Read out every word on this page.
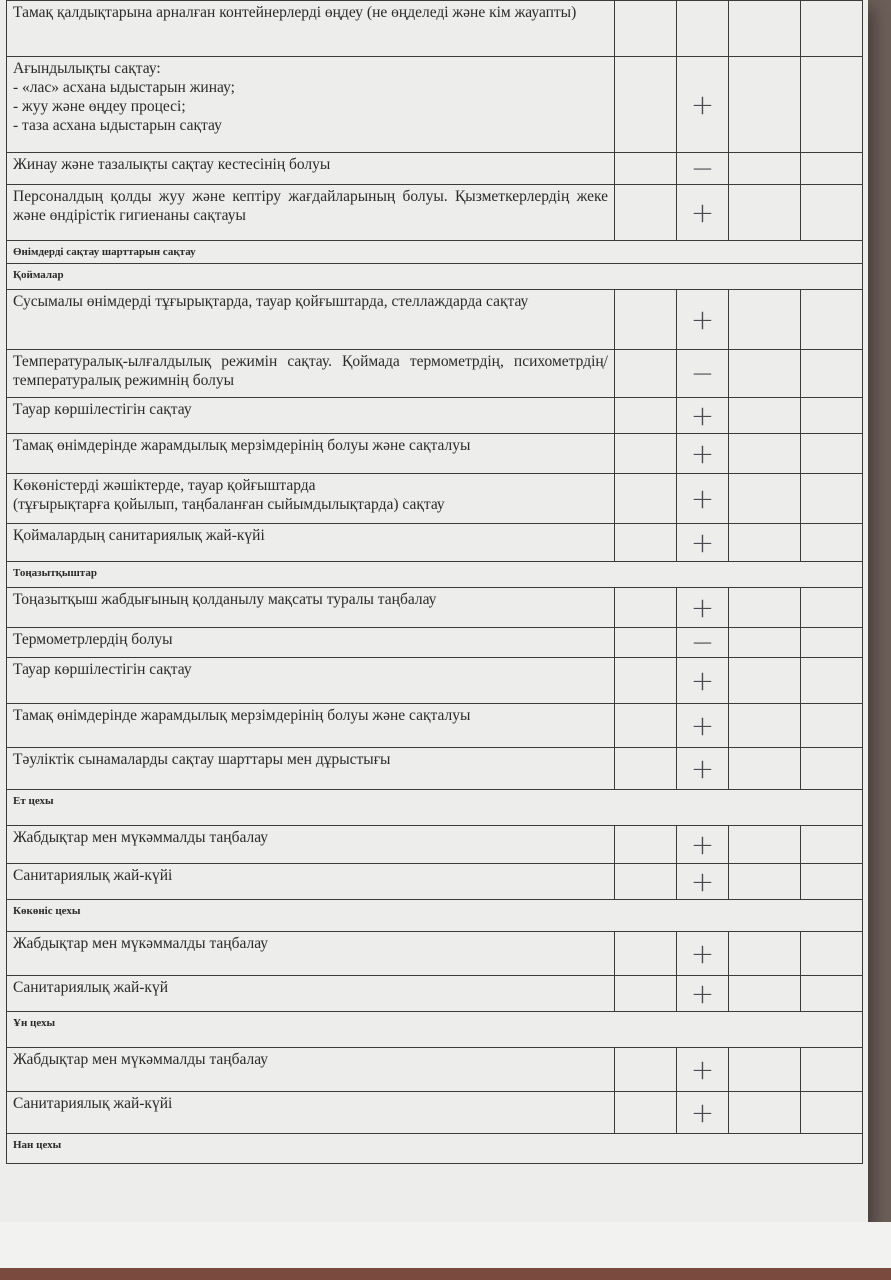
Тамақ қалдықтарына арналған контейнерлерді өңдеу (не өңделеді және кім жауапты)				

Ағындылықты сақтау:
- «лас» асхана ыдыстарын жинау;
- жуу және өңдеу процесі;
- таза асхана ыдыстарын сақтау		+		
Жинау және тазалықты сақтау кестесінің болуы		−		
Персоналдың қолды жуу және кептіру жағдайларының болуы. Қызметкерлердің жеке және өндірістік гигиенаны сақтауы		+		
Өнімдерді сақтау шарттарын сақтау				
Қоймалар				
Сусымалы өнімдерді тұғырықтарда, тауар қойғыштарда, стеллаждарда сақтау		+		
Температуралық-ылғалдылық режимін сақтау. Қоймада термометрдің, психометрдің/температуралық режимнің болуы		−		
Тауар көршілестігін сақтау		+		
Тамақ өнімдерінде жарамдылық мерзімдерінің болуы және сақталуы		+		

Көкөністерді жәшіктерде, тауар қойғыштарда
(тұғырықтарға қойылып, таңбаланған сыйымдылықтарда) сақтау		+		
Қоймалардың санитариялық жай-күйі		+		
Тоңазытқыштар				
Тоңазытқыш жабдығының қолданылу мақсаты туралы таңбалау		+		
Термометрлердің болуы		−		
Тауар көршілестігін сақтау		+		
Тамақ өнімдерінде жарамдылық мерзімдерінің болуы және сақталуы		+		
Тәуліктік сынамаларды сақтау шарттары мен дұрыстығы		+		
Ет цехы				
Жабдықтар мен мүкәммалды таңбалау		+		
Санитариялық жай-күйі		+		
Көкөніс цехы				
Жабдықтар мен мүкәммалды таңбалау		+		
Санитариялық жай-күй		+		
Ұн цехы				
Жабдықтар мен мүкәммалды таңбалау		+		
Санитариялық жай-күйі		+		
Нан цехы				
